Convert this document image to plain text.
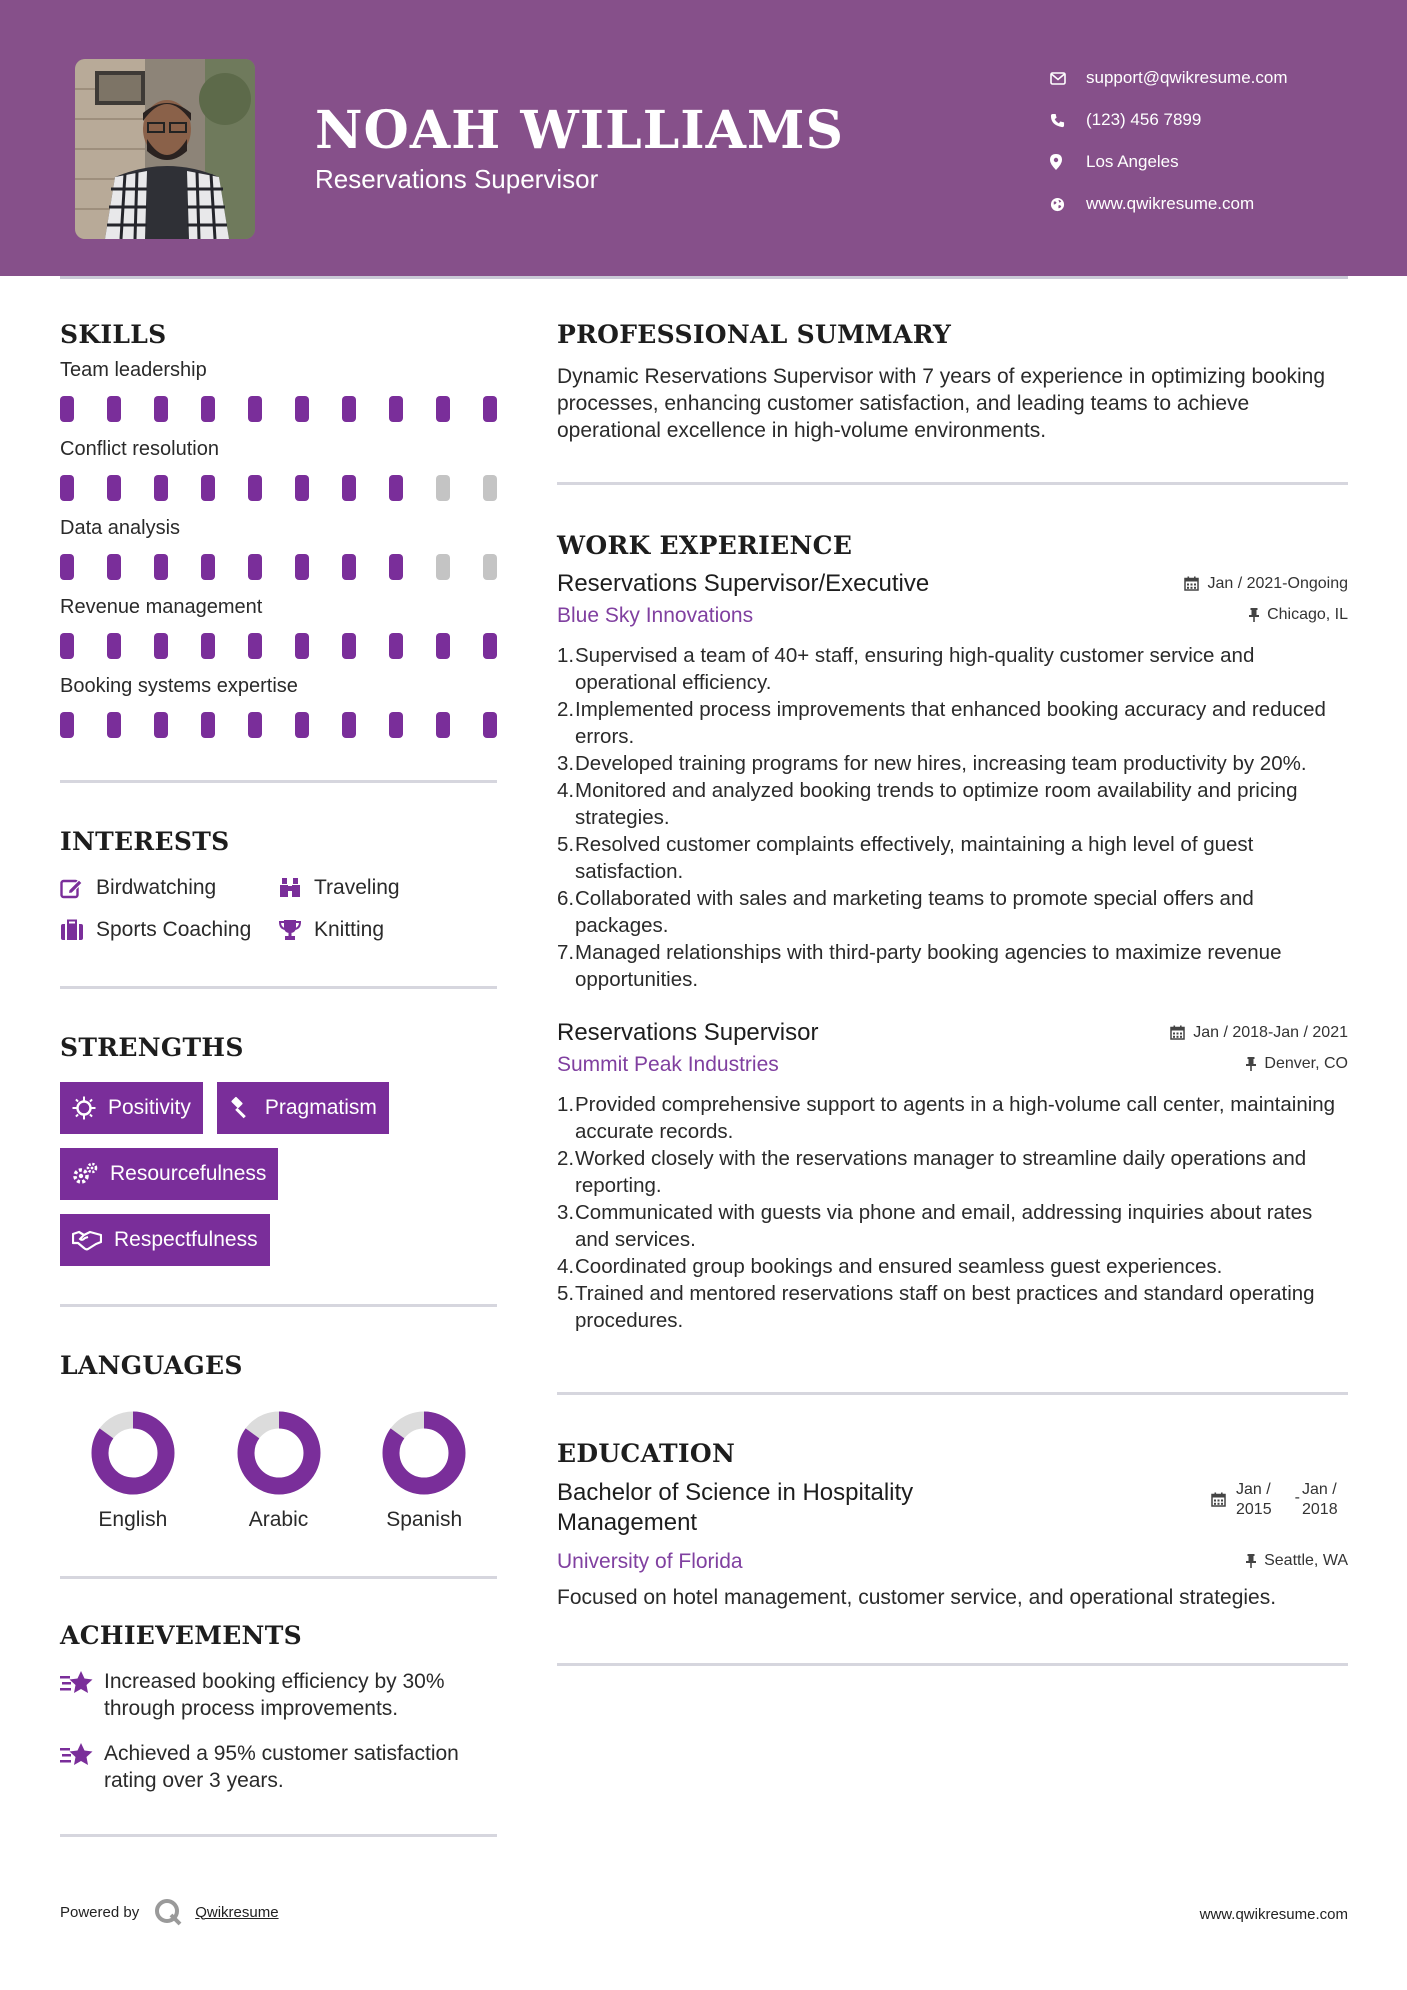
NOAH WILLIAMS
Reservations Supervisor
support@qwikresume.com
(123) 456 7899
Los Angeles
www.qwikresume.com
SKILLS
Team leadership
Conflict resolution
Data analysis
Revenue management
Booking systems expertise
INTERESTS
Birdwatching	Traveling
Sports Coaching	Knitting
STRENGTHS
Positivity	Pragmatism
Resourcefulness
Respectfulness
LANGUAGES
English	Arabic	Spanish
ACHIEVEMENTS
Increased booking efficiency by 30% through process improvements.
Achieved a 95% customer satisfaction rating over 3 years.
PROFESSIONAL SUMMARY
Dynamic Reservations Supervisor with 7 years of experience in optimizing booking processes, enhancing customer satisfaction, and leading teams to achieve operational excellence in high-volume environments.
WORK EXPERIENCE
Reservations Supervisor/Executive	Jan / 2021-Ongoing
Blue Sky Innovations	Chicago, IL
1.
Supervised a team of 40+ staff, ensuring high-quality customer service and operational efficiency.
2.
Implemented process improvements that enhanced booking accuracy and reduced errors.
3.
Developed training programs for new hires, increasing team productivity by 20%.
4.
Monitored and analyzed booking trends to optimize room availability and pricing strategies.
5.
Resolved customer complaints effectively, maintaining a high level of guest satisfaction.
6.
Collaborated with sales and marketing teams to promote special offers and packages.
7.
Managed relationships with third-party booking agencies to maximize revenue opportunities.
Reservations Supervisor	Jan / 2018-Jan / 2021
Summit Peak Industries	Denver, CO
1.
Provided comprehensive support to agents in a high-volume call center, maintaining accurate records.
2.
Worked closely with the reservations manager to streamline daily operations and reporting.
3.
Communicated with guests via phone and email, addressing inquiries about rates and services.
4.
Coordinated group bookings and ensured seamless guest experiences.
5.
Trained and mentored reservations staff on best practices and standard operating procedures.
EDUCATION
Bachelor of Science in Hospitality Management
Jan / 2015
- Jan / 2018
University of Florida	Seattle, WA
Focused on hotel management, customer service, and operational strategies.
Powered by	Qwikresume	www.qwikresume.com
